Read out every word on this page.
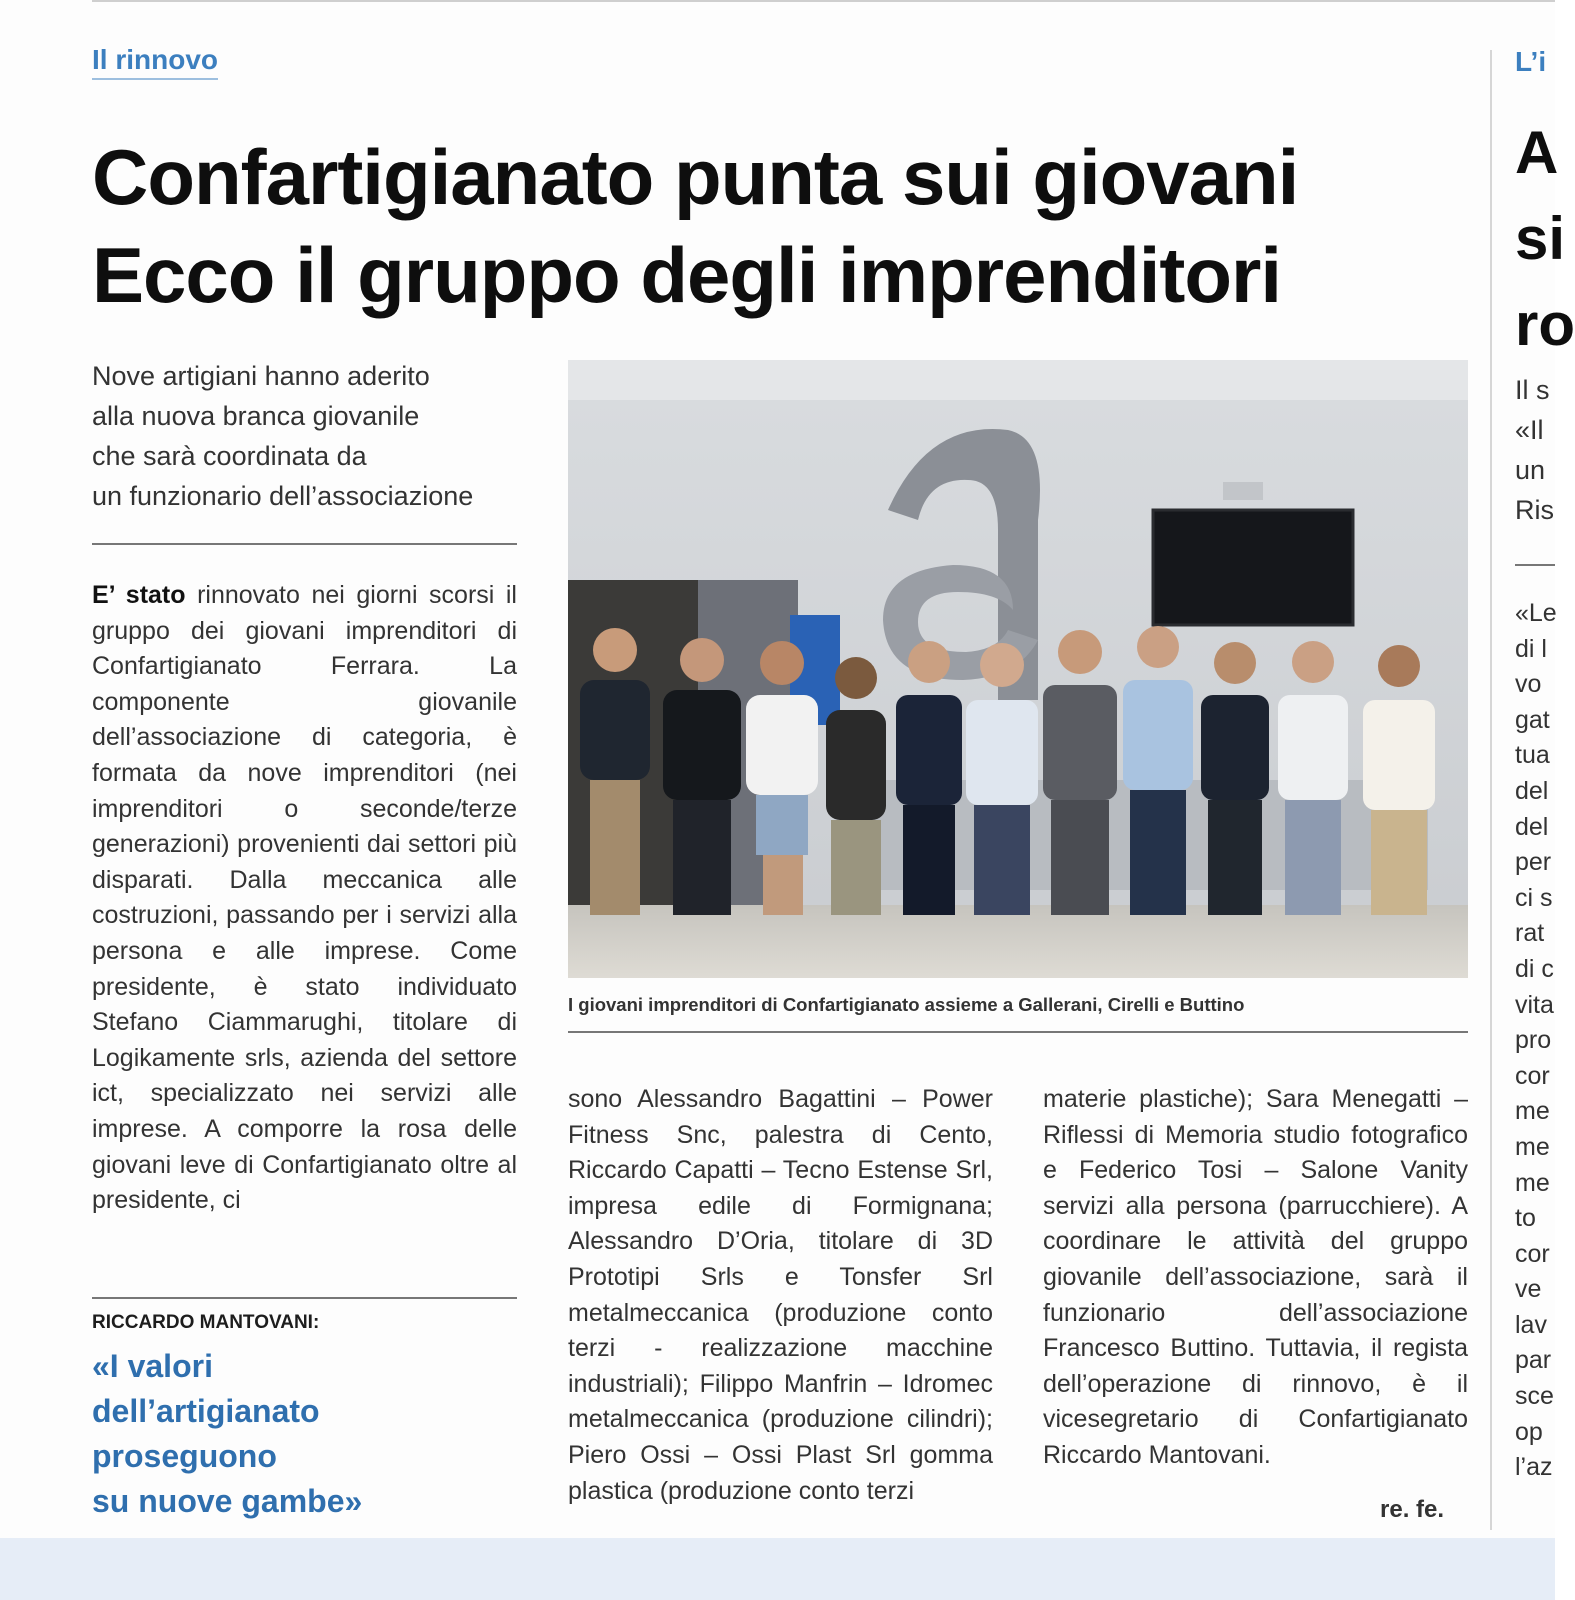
Il rinnovo
Confartigianato punta sui giovani
Ecco il gruppo degli imprenditori
Nove artigiani hanno aderito
alla nuova branca giovanile
che sarà coordinata da
un funzionario dell’associazione
E’ stato rinnovato nei giorni scorsi il gruppo dei giovani imprenditori di Confartigianato Ferrara. La componente giovanile dell’associazione di categoria, è formata da nove imprenditori (nei imprenditori o seconde/terze generazioni) provenienti dai settori più disparati. Dalla meccanica alle costruzioni, passando per i servizi alla persona e alle imprese. Come presidente, è stato individuato Stefano Ciammarughi, titolare di Logikamente srls, azienda del settore ict, specializzato nei servizi alle imprese. A comporre la rosa delle giovani leve di Confartigianato oltre al presidente, ci
RICCARDO MANTOVANI:
«I valori
dell’artigianato
proseguono
su nuove gambe»
I giovani imprenditori di Confartigianato assieme a Gallerani, Cirelli e Buttino
sono Alessandro Bagattini – Power Fitness Snc, palestra di Cento, Riccardo Capatti – Tecno Estense Srl, impresa edile di Formignana; Alessandro D’Oria, titolare di 3D Prototipi Srls e Tonsfer Srl metalmeccanica (produzione conto terzi - realizzazione macchine industriali); Filippo Manfrin – Idromec metalmeccanica (produzione cilindri); Piero Ossi – Ossi Plast Srl gomma plastica (produzione conto terzi
materie plastiche); Sara Menegatti – Riflessi di Memoria studio fotografico e Federico Tosi – Salone Vanity servizi alla persona (parrucchiere). A coordinare le attività del gruppo giovanile dell’associazione, sarà il funzionario dell’associazione Francesco Buttino. Tuttavia, il regista dell’operazione di rinnovo, è il vicesegretario di Confartigianato Riccardo Mantovani.
re. fe.
L’i
A
si
ro
Il s
«Il
un
Ris
«Le
di l
vo
gat
tua
del
del
per
ci s
rat
di c
vita
pro
cor
me
me
me
to
cor
ve
lav
par
sce
op
l’az
